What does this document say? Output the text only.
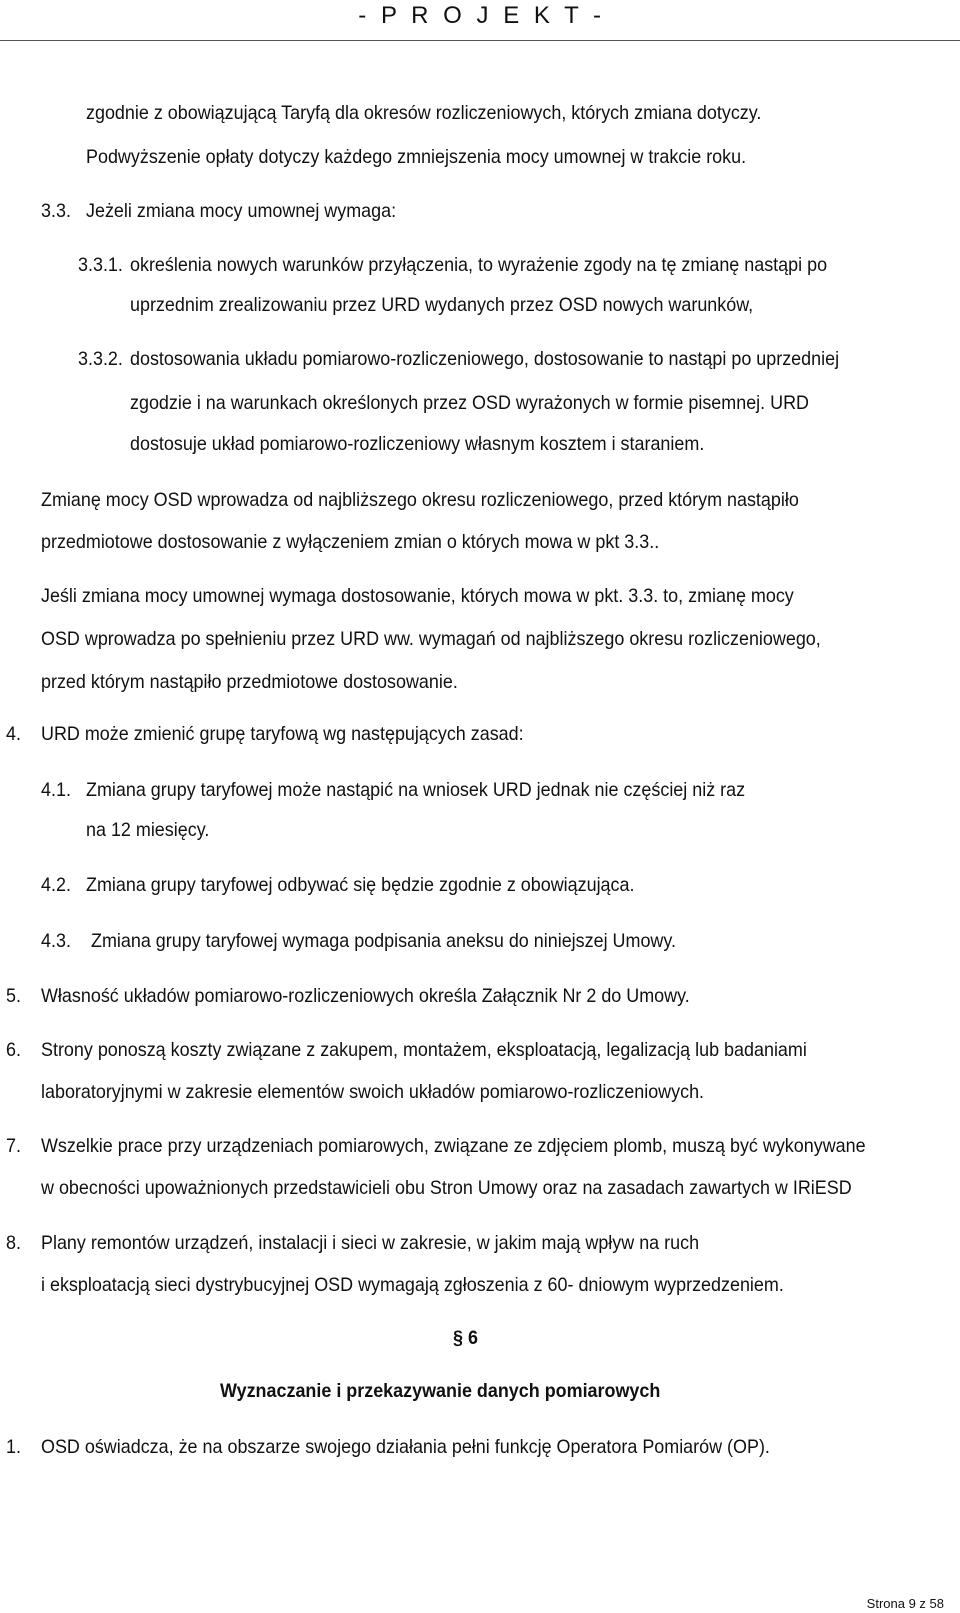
- P R O J E K T -
zgodnie z obowiązującą Taryfą dla okresów rozliczeniowych, których zmiana dotyczy.
Podwyższenie opłaty dotyczy każdego zmniejszenia mocy umownej w trakcie roku.
3.3. Jeżeli zmiana mocy umownej wymaga:
3.3.1. określenia nowych warunków przyłączenia, to wyrażenie zgody na tę zmianę nastąpi po
uprzednim zrealizowaniu przez URD wydanych przez OSD nowych warunków,
3.3.2. dostosowania układu pomiarowo-rozliczeniowego, dostosowanie to nastąpi po uprzedniej
zgodzie i na warunkach określonych przez OSD wyrażonych w formie pisemnej. URD
dostosuje układ pomiarowo-rozliczeniowy własnym kosztem i staraniem.
Zmianę mocy OSD wprowadza od najbliższego okresu rozliczeniowego, przed którym nastąpiło
przedmiotowe dostosowanie z wyłączeniem zmian o których mowa w pkt 3.3..
Jeśli zmiana mocy umownej wymaga dostosowanie, których mowa w pkt. 3.3. to, zmianę mocy
OSD wprowadza po spełnieniu przez URD ww. wymagań od najbliższego okresu rozliczeniowego,
przed którym nastąpiło przedmiotowe dostosowanie.
4. URD może zmienić grupę taryfową wg następujących zasad:
4.1. Zmiana grupy taryfowej może nastąpić na wniosek URD jednak nie częściej niż raz
na 12 miesięcy.
4.2. Zmiana grupy taryfowej odbywać się będzie zgodnie z obowiązująca.
4.3. Zmiana grupy taryfowej wymaga podpisania aneksu do niniejszej Umowy.
5. Własność układów pomiarowo-rozliczeniowych określa Załącznik Nr 2 do Umowy.
6. Strony ponoszą koszty związane z zakupem, montażem, eksploatacją, legalizacją lub badaniami
laboratoryjnymi w zakresie elementów swoich układów pomiarowo-rozliczeniowych.
7. Wszelkie prace przy urządzeniach pomiarowych, związane ze zdjęciem plomb, muszą być wykonywane
w obecności upoważnionych przedstawicieli obu Stron Umowy oraz na zasadach zawartych w IRiESD
8. Plany remontów urządzeń, instalacji i sieci w zakresie, w jakim mają wpływ na ruch
i eksploatacją sieci dystrybucyjnej OSD wymagają zgłoszenia z 60- dniowym wyprzedzeniem.
§ 6
Wyznaczanie i przekazywanie danych pomiarowych
1. OSD oświadcza, że na obszarze swojego działania pełni funkcję Operatora Pomiarów (OP).
Strona 9 z 58
